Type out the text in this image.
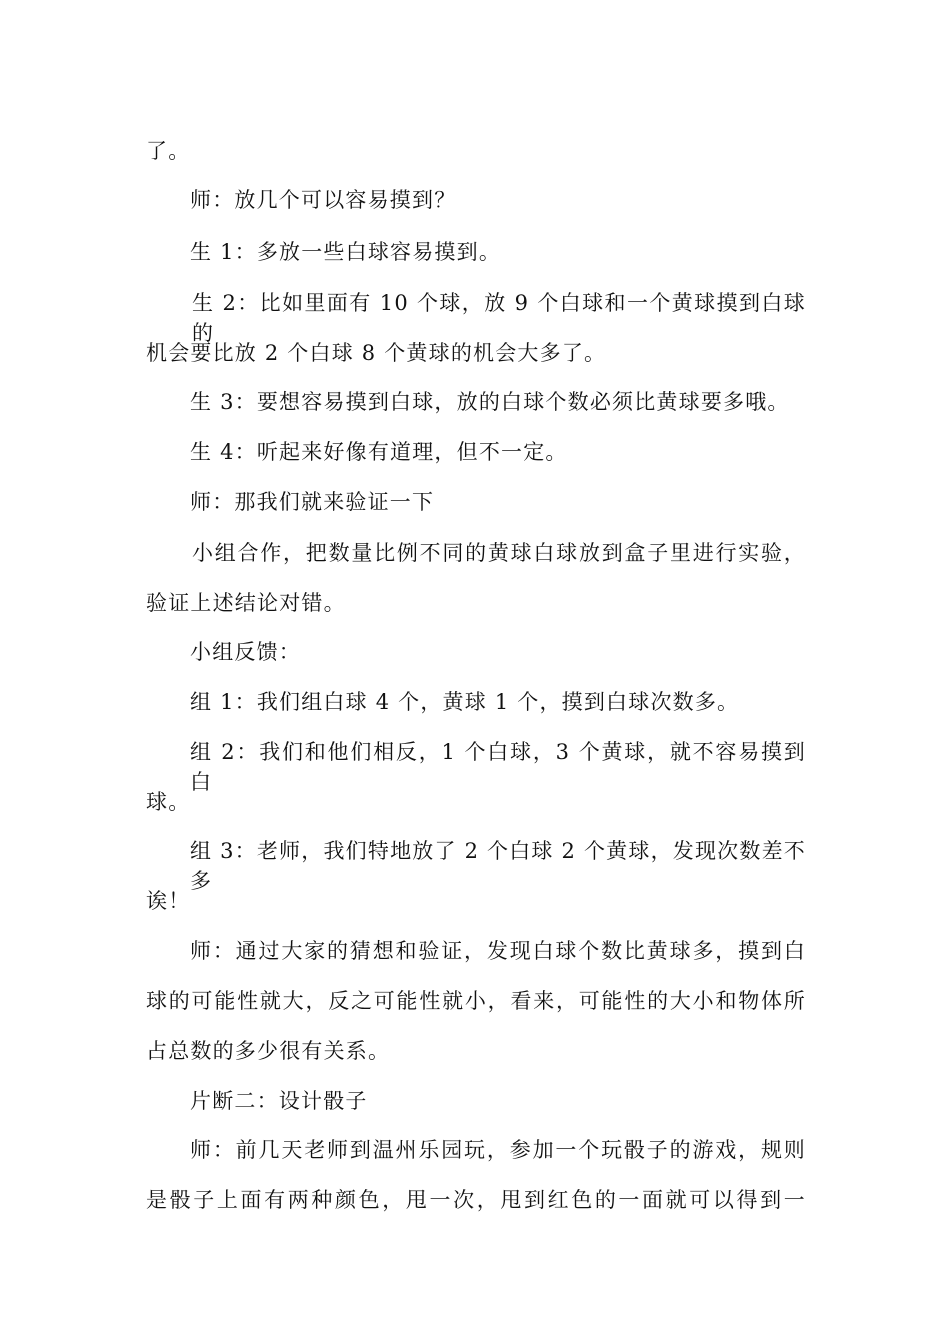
了。
师：放几个可以容易摸到？
生 1：多放一些白球容易摸到。
生 2：比如里面有 10 个球，放 9 个白球和一个黄球摸到白球的
机会要比放 2 个白球 8 个黄球的机会大多了。
生 3：要想容易摸到白球，放的白球个数必须比黄球要多哦。
生 4：听起来好像有道理，但不一定。
师：那我们就来验证一下
小组合作，把数量比例不同的黄球白球放到盒子里进行实验，
验证上述结论对错。
小组反馈：
组 1：我们组白球 4 个，黄球 1 个，摸到白球次数多。
组 2：我们和他们相反，1 个白球，3 个黄球，就不容易摸到白
球。
组 3：老师，我们特地放了 2 个白球 2 个黄球，发现次数差不多
诶！
师：通过大家的猜想和验证，发现白球个数比黄球多，摸到白
球的可能性就大，反之可能性就小，看来，可能性的大小和物体所
占总数的多少很有关系。
片断二：设计骰子
师：前几天老师到温州乐园玩，参加一个玩骰子的游戏，规则
是骰子上面有两种颜色，甩一次，甩到红色的一面就可以得到一
